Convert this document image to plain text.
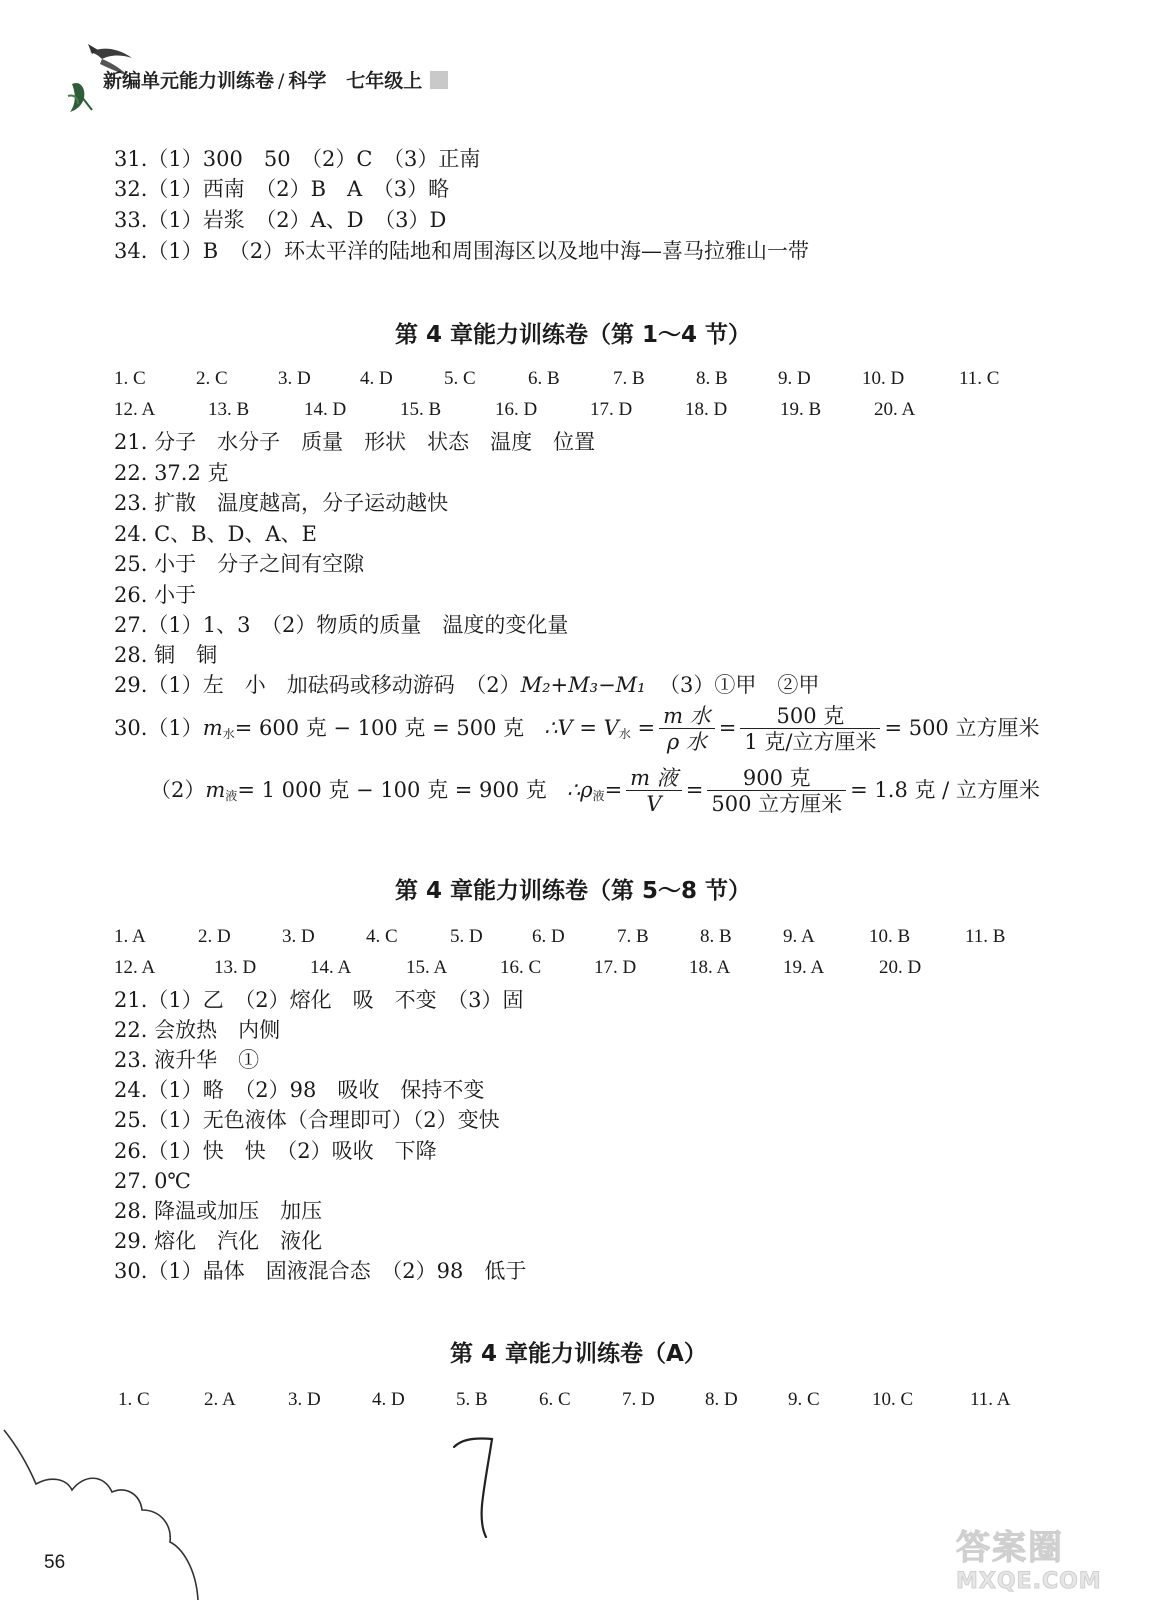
新编单元能力训练卷 / 科学 七年级上
31.（1）300　50　（2）C　（3）正南
32.（1）西南　（2）B　A　（3）略
33.（1）岩浆　（2）A、D　（3）D
34.（1）B　（2）环太平洋的陆地和周围海区以及地中海—喜马拉雅山一带
第 4 章能力训练卷（第 1～4 节）
1. C	2. C	3. D	4. D	5. C	6. B	7. B	8. B	9. D	10. D	11. C
12. A	13. B	14. D	15. B	16. D	17. D	18. D	19. B	20. A
21. 分子　水分子　质量　形状　状态　温度　位置
22. 37.2 克
23. 扩散　温度越高，分子运动越快
24. C、B、D、A、E
25. 小于　分子之间有空隙
26. 小于
27.（1）1、3　（2）物质的质量　温度的变化量
28. 铜　铜
29.（1）左　小　加砝码或移动游码　（2）M₂+M₃−M₁ （3）①甲　②甲
$30.(1)m_水= 600$ 克 − 100 克 = 500 克 ∴V = $V_水 = \frac{\text{m 水}}{\text{ρ 水}} = \frac{\text{500 克}}{\text{1 克/立方厘米}} = 500$ 立方厘米
$(2)m_液= 1$ 000 克 − 100 克 = 900 克 $\therefore\rho_液= \frac{\text{m 液}}{V} = \frac{\text{900 克}}{\text{500 立方厘米}} = 1.8$ 克 / 立方厘米
第 4 章能力训练卷（第 5～8 节）
1. A	2. D	3. D	4. C	5. D	6. D	7. B	8. B	9. A	10. B	11. B
12. A	13. D	14. A	15. A	16. C	17. D	18. A	19. A	20. D
21.（1）乙　（2）熔化　吸　不变　（3）固
22. 会放热　内侧
23. 液升华　①
24.（1）略　（2）98　吸收　保持不变
25.（1）无色液体（合理即可）（2）变快
26.（1）快　快　（2）吸收　下降
27. 0℃
28. 降温或加压　加压
29. 熔化　汽化　液化
30.（1）晶体　固液混合态　（2）98　低于
第 4 章能力训练卷（A）
1. C	2. A	3. D	4. D	5. B	6. C	7. D	8. D	9. C	10. C	11. A
56	答案圈
MXQE.COM
